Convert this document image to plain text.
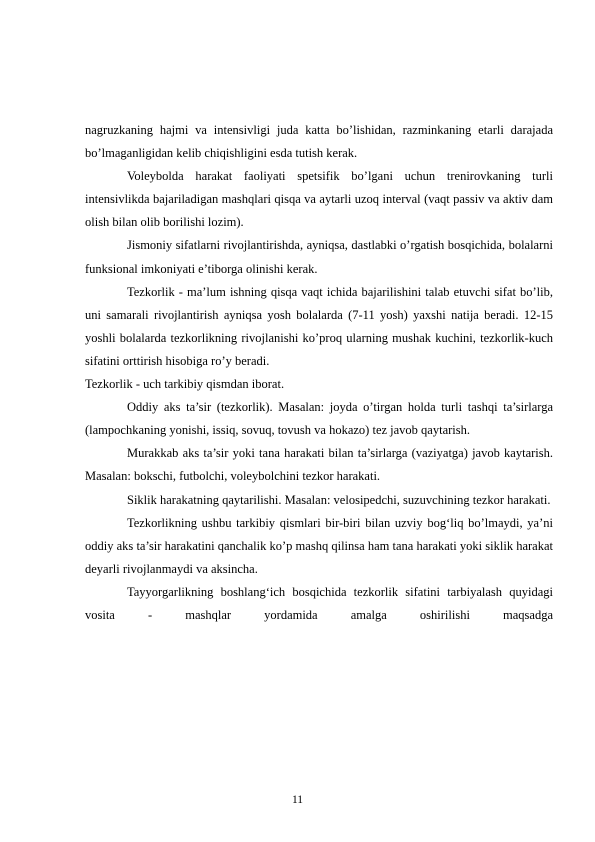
nagruzkaning hajmi va intensivligi juda katta bo’lishidan, razminkaning etarli darajada bo’lmaganligidan kelib chiqishligini esda tutish kerak.

Voleybolda harakat faoliyati spetsifik bo’lgani uchun trenirovkaning turli intensivlikda bajariladigan mashqlari qisqa va aytarli uzoq interval (vaqt passiv va aktiv dam olish bilan olib borilishi lozim).

Jismoniy sifatlarni rivojlantirishda, ayniqsa, dastlabki o’rgatish bosqichida, bolalarni funksional imkoniyati e’tiborga olinishi kerak.

Tezkorlik - ma’lum ishning qisqa vaqt ichida bajarilishini talab etuvchi sifat bo’lib, uni samarali rivojlantirish ayniqsa yosh bolalarda (7-11 yosh) yaxshi natija beradi. 12-15 yoshli bolalarda tezkorlikning rivojlanishi ko’proq ularning mushak kuchini, tezkorlik-kuch sifatini orttirish hisobiga ro’y beradi.

Tezkorlik - uch tarkibiy qismdan iborat.

Oddiy aks ta’sir (tezkorlik). Masalan: joyda o’tirgan holda turli tashqi ta’sirlarga (lampochkaning yonishi, issiq, sovuq, tovush va hokazo) tez javob qaytarish.

Murakkab aks ta’sir yoki tana harakati bilan ta’sirlarga (vaziyatga) javob kaytarish. Masalan: bokschi, futbolchi, voleybolchini tezkor harakati.

Siklik harakatning qaytarilishi. Masalan: velosipedchi, suzuvchining tezkor harakati.

Tezkorlikning ushbu tarkibiy qismlari bir-biri bilan uzviy bog‘liq bo’lmaydi, ya’ni oddiy aks ta’sir harakatini qanchalik ko’p mashq qilinsa ham tana harakati yoki siklik harakat deyarli rivojlanmaydi va aksincha.

Tayyorgarlikning boshlang‘ich bosqichida tezkorlik sifatini tarbiyalash quyidagi vosita - mashqlar yordamida amalga oshirilishi maqsadga

11
